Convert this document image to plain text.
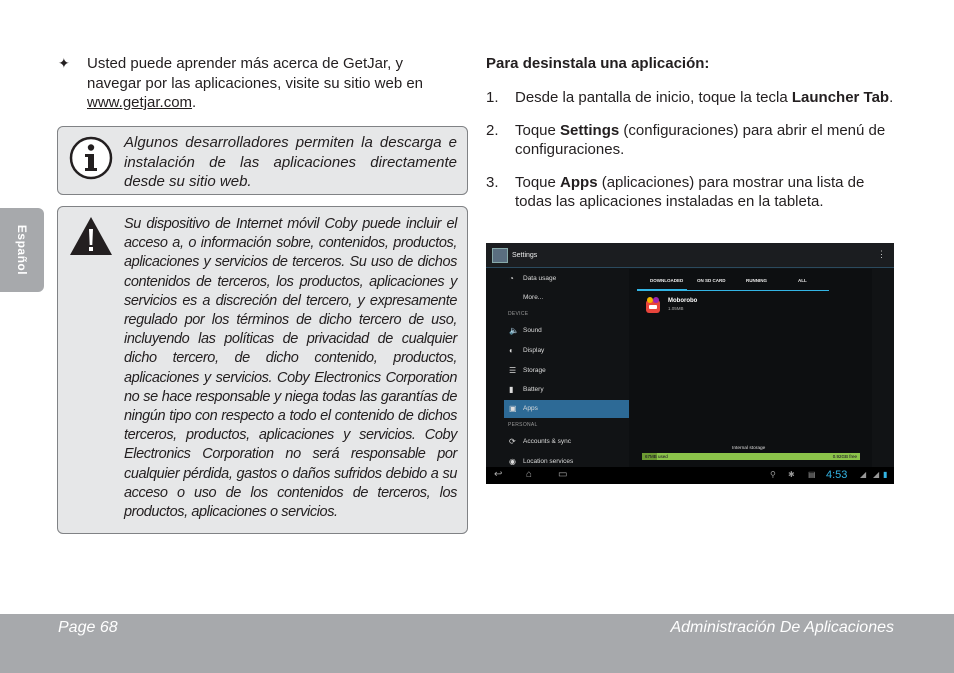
Español
✦ Usted puede aprender más acerca de GetJar, y navegar por las aplicaciones, visite su sitio web en www.getjar.com.
Algunos desarrolladores permiten la descarga e instalación de las aplicaciones directamente desde su sitio web.
Su dispositivo de Internet móvil Coby puede incluir el acceso a, o información sobre, contenidos, productos, aplicaciones y servicios de terceros. Su uso de dichos contenidos de terceros, los productos, aplicaciones y servicios es a discreción del tercero, y expresamente regulado por los términos de dicho tercero de uso, incluyendo las políticas de privacidad de cualquier dicho tercero, de dicho contenido, productos, aplicaciones y servicios. Coby Electronics Corporation no se hace responsable y niega todas las garantías de ningún tipo con respecto a todo el contenido de dichos terceros, productos, aplicaciones y servicios. Coby Electronics Corporation no será responsable por cualquier pérdida, gastos o daños sufridos debido a su acceso o uso de los contenidos de terceros, los productos, aplicaciones o servicios.
Para desinstala una aplicación:
1. Desde la pantalla de inicio, toque la tecla Launcher Tab.
2. Toque Settings (configuraciones) para abrir el menú de configuraciones.
3. Toque Apps (aplicaciones) para mostrar una lista de todas las aplicaciones instaladas en la tableta.
Settings	⋮
◔ Data usage
More...
DEVICE
🔈 Sound
◐ Display
☰ Storage
▮ Battery
▣ Apps
PERSONAL
⟳ Accounts & sync
◉ Location services
DOWNLOADED	ON SD CARD	RUNNING	ALL
Moborobo
1.05MB
Internal storage
67MB used	0.92GB free
↩ ⌂	▭	⚲ ✱ ▤ 4:53 ◢ ◢ ▮
Page 68	Administración De Aplicaciones
